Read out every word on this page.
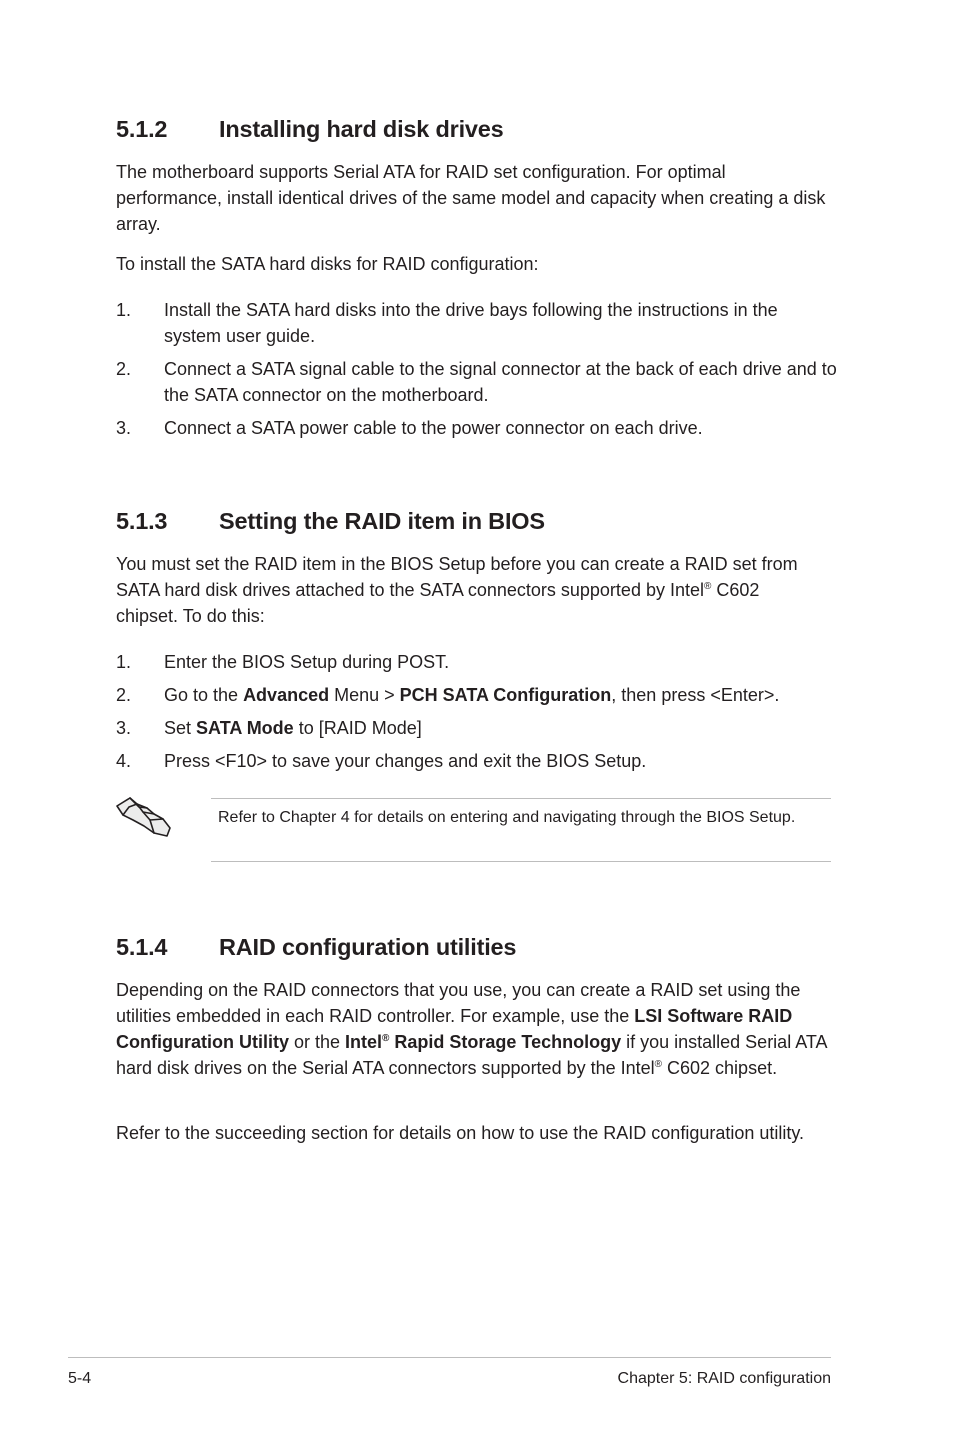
5.1.2 Installing hard disk drives
The motherboard supports Serial ATA for RAID set configuration. For optimal performance, install identical drives of the same model and capacity when creating a disk array.
To install the SATA hard disks for RAID configuration:
1. Install the SATA hard disks into the drive bays following the instructions in the system user guide.
2. Connect a SATA signal cable to the signal connector at the back of each drive and to the SATA connector on the motherboard.
3. Connect a SATA power cable to the power connector on each drive.
5.1.3 Setting the RAID item in BIOS
You must set the RAID item in the BIOS Setup before you can create a RAID set from SATA hard disk drives attached to the SATA connectors supported by Intel® C602 chipset. To do this:
1. Enter the BIOS Setup during POST.
2. Go to the Advanced Menu > PCH SATA Configuration, then press <Enter>.
3. Set SATA Mode to [RAID Mode]
4. Press <F10> to save your changes and exit the BIOS Setup.
Refer to Chapter 4 for details on entering and navigating through the BIOS Setup.
5.1.4 RAID configuration utilities
Depending on the RAID connectors that you use, you can create a RAID set using the utilities embedded in each RAID controller. For example, use the LSI Software RAID Configuration Utility or the Intel® Rapid Storage Technology if you installed Serial ATA hard disk drives on the Serial ATA connectors supported by the Intel® C602 chipset.
Refer to the succeeding section for details on how to use the RAID configuration utility.
5-4	Chapter 5: RAID configuration
